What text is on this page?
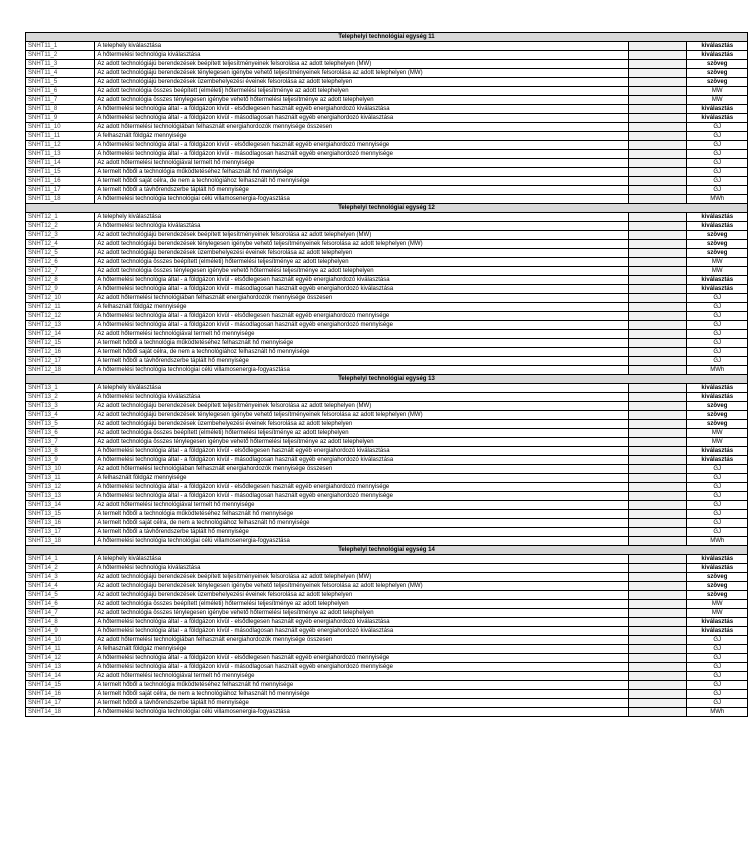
Telephelyi technológiai egység 11			
SNHT11_1	A telephely kiválasztása		kiválasztás
SNHT11_2	A hőtermelési technológia kiválasztása		kiválasztás
SNHT11_3	Az adott technológiájú berendezések beépített teljesítményeinek felsorolása az adott telephelyen (MW)		szöveg
SNHT11_4	Az adott technológiájú berendezések ténylegesen igénybe vehető teljesítményeinek felsorolása az adott telephelyen (MW)		szöveg
SNHT11_5	Az adott technológiájú berendezések üzembehelyezési éveinek felsorolása az adott telephelyen		szöveg
SNHT11_6	Az adott technológia összes beépített (elméleti) hőtermelési teljesítménye az adott telephelyen		MW
SNHT11_7	Az adott technológia összes ténylegesen igénybe vehető hőtermelési teljesítménye az adott telephelyen		MW
SNHT11_8	A hőtermelési technológia által - a földgázon kívül - elsődlegesen használt egyéb energiahordozó kiválasztása		kiválasztás
SNHT11_9	A hőtermelési technológia által - a földgázon kívül - másodlagosan használt egyéb energiahordozó kiválasztása		kiválasztás
SNHT11_10	Az adott hőtermelési technológiában felhasznált energiahordozók mennyisége összesen		GJ
SNHT11_11	A felhasznált földgáz mennyisége		GJ
SNHT11_12	A hőtermelési technológia által - a földgázon kívül - elsődlegesen használt egyéb energiahordozó mennyisége		GJ
SNHT11_13	A hőtermelési technológia által - a földgázon kívül - másodlagosan használt egyéb energiahordozó mennyisége		GJ
SNHT11_14	Az adott hőtermelési technológiával termelt hő mennyisége		GJ
SNHT11_15	A termelt hőből a technológia működtetéséhez felhasznált hő mennyisége		GJ
SNHT11_16	A termelt hőből saját célra, de nem a technológiához felhasznált hő mennyisége		GJ
SNHT11_17	A termelt hőből a távhőrendszerbe táplált hő mennyisége		GJ
SNHT11_18	A hőtermelési technológia technológiai célú villamosenergia-fogyasztása		MWh
Telephelyi technológiai egység 12			
SNHT12_1	A telephely kiválasztása		kiválasztás
SNHT12_2	A hőtermelési technológia kiválasztása		kiválasztás
SNHT12_3	Az adott technológiájú berendezések beépített teljesítményeinek felsorolása az adott telephelyen (MW)		szöveg
SNHT12_4	Az adott technológiájú berendezések ténylegesen igénybe vehető teljesítményeinek felsorolása az adott telephelyen (MW)		szöveg
SNHT12_5	Az adott technológiájú berendezések üzembehelyezési éveinek felsorolása az adott telephelyen		szöveg
SNHT12_6	Az adott technológia összes beépített (elméleti) hőtermelési teljesítménye az adott telephelyen		MW
SNHT12_7	Az adott technológia összes ténylegesen igénybe vehető hőtermelési teljesítménye az adott telephelyen		MW
SNHT12_8	A hőtermelési technológia által - a földgázon kívül - elsődlegesen használt egyéb energiahordozó kiválasztása		kiválasztás
SNHT12_9	A hőtermelési technológia által - a földgázon kívül - másodlagosan használt egyéb energiahordozó kiválasztása		kiválasztás
SNHT12_10	Az adott hőtermelési technológiában felhasznált energiahordozók mennyisége összesen		GJ
SNHT12_11	A felhasznált földgáz mennyisége		GJ
SNHT12_12	A hőtermelési technológia által - a földgázon kívül - elsődlegesen használt egyéb energiahordozó mennyisége		GJ
SNHT12_13	A hőtermelési technológia által - a földgázon kívül - másodlagosan használt egyéb energiahordozó mennyisége		GJ
SNHT12_14	Az adott hőtermelési technológiával termelt hő mennyisége		GJ
SNHT12_15	A termelt hőből a technológia működtetéséhez felhasznált hő mennyisége		GJ
SNHT12_16	A termelt hőből saját célra, de nem a technológiához felhasznált hő mennyisége		GJ
SNHT12_17	A termelt hőből a távhőrendszerbe táplált hő mennyisége		GJ
SNHT12_18	A hőtermelési technológia technológiai célú villamosenergia-fogyasztása		MWh
Telephelyi technológiai egység 13			
SNHT13_1	A telephely kiválasztása		kiválasztás
SNHT13_2	A hőtermelési technológia kiválasztása		kiválasztás
SNHT13_3	Az adott technológiájú berendezések beépített teljesítményeinek felsorolása az adott telephelyen (MW)		szöveg
SNHT13_4	Az adott technológiájú berendezések ténylegesen igénybe vehető teljesítményeinek felsorolása az adott telephelyen (MW)		szöveg
SNHT13_5	Az adott technológiájú berendezések üzembehelyezési éveinek felsorolása az adott telephelyen		szöveg
SNHT13_6	Az adott technológia összes beépített (elméleti) hőtermelési teljesítménye az adott telephelyen		MW
SNHT13_7	Az adott technológia összes ténylegesen igénybe vehető hőtermelési teljesítménye az adott telephelyen		MW
SNHT13_8	A hőtermelési technológia által - a földgázon kívül - elsődlegesen használt egyéb energiahordozó kiválasztása		kiválasztás
SNHT13_9	A hőtermelési technológia által - a földgázon kívül - másodlagosan használt egyéb energiahordozó kiválasztása		kiválasztás
SNHT13_10	Az adott hőtermelési technológiában felhasznált energiahordozók mennyisége összesen		GJ
SNHT13_11	A felhasznált földgáz mennyisége		GJ
SNHT13_12	A hőtermelési technológia által - a földgázon kívül - elsődlegesen használt egyéb energiahordozó mennyisége		GJ
SNHT13_13	A hőtermelési technológia által - a földgázon kívül - másodlagosan használt egyéb energiahordozó mennyisége		GJ
SNHT13_14	Az adott hőtermelési technológiával termelt hő mennyisége		GJ
SNHT13_15	A termelt hőből a technológia működtetéséhez felhasznált hő mennyisége		GJ
SNHT13_16	A termelt hőből saját célra, de nem a technológiához felhasznált hő mennyisége		GJ
SNHT13_17	A termelt hőből a távhőrendszerbe táplált hő mennyisége		GJ
SNHT13_18	A hőtermelési technológia technológiai célú villamosenergia-fogyasztása		MWh
Telephelyi technológiai egység 14			
SNHT14_1	A telephely kiválasztása		kiválasztás
SNHT14_2	A hőtermelési technológia kiválasztása		kiválasztás
SNHT14_3	Az adott technológiájú berendezések beépített teljesítményeinek felsorolása az adott telephelyen (MW)		szöveg
SNHT14_4	Az adott technológiájú berendezések ténylegesen igénybe vehető teljesítményeinek felsorolása az adott telephelyen (MW)		szöveg
SNHT14_5	Az adott technológiájú berendezések üzembehelyezési éveinek felsorolása az adott telephelyen		szöveg
SNHT14_6	Az adott technológia összes beépített (elméleti) hőtermelési teljesítménye az adott telephelyen		MW
SNHT14_7	Az adott technológia összes ténylegesen igénybe vehető hőtermelési teljesítménye az adott telephelyen		MW
SNHT14_8	A hőtermelési technológia által - a földgázon kívül - elsődlegesen használt egyéb energiahordozó kiválasztása		kiválasztás
SNHT14_9	A hőtermelési technológia által - a földgázon kívül - másodlagosan használt egyéb energiahordozó kiválasztása		kiválasztás
SNHT14_10	Az adott hőtermelési technológiában felhasznált energiahordozók mennyisége összesen		GJ
SNHT14_11	A felhasznált földgáz mennyisége		GJ
SNHT14_12	A hőtermelési technológia által - a földgázon kívül - elsődlegesen használt egyéb energiahordozó mennyisége		GJ
SNHT14_13	A hőtermelési technológia által - a földgázon kívül - másodlagosan használt egyéb energiahordozó mennyisége		GJ
SNHT14_14	Az adott hőtermelési technológiával termelt hő mennyisége		GJ
SNHT14_15	A termelt hőből a technológia működtetéséhez felhasznált hő mennyisége		GJ
SNHT14_16	A termelt hőből saját célra, de nem a technológiához felhasznált hő mennyisége		GJ
SNHT14_17	A termelt hőből a távhőrendszerbe táplált hő mennyisége		GJ
SNHT14_18	A hőtermelési technológia technológiai célú villamosenergia-fogyasztása		MWh
